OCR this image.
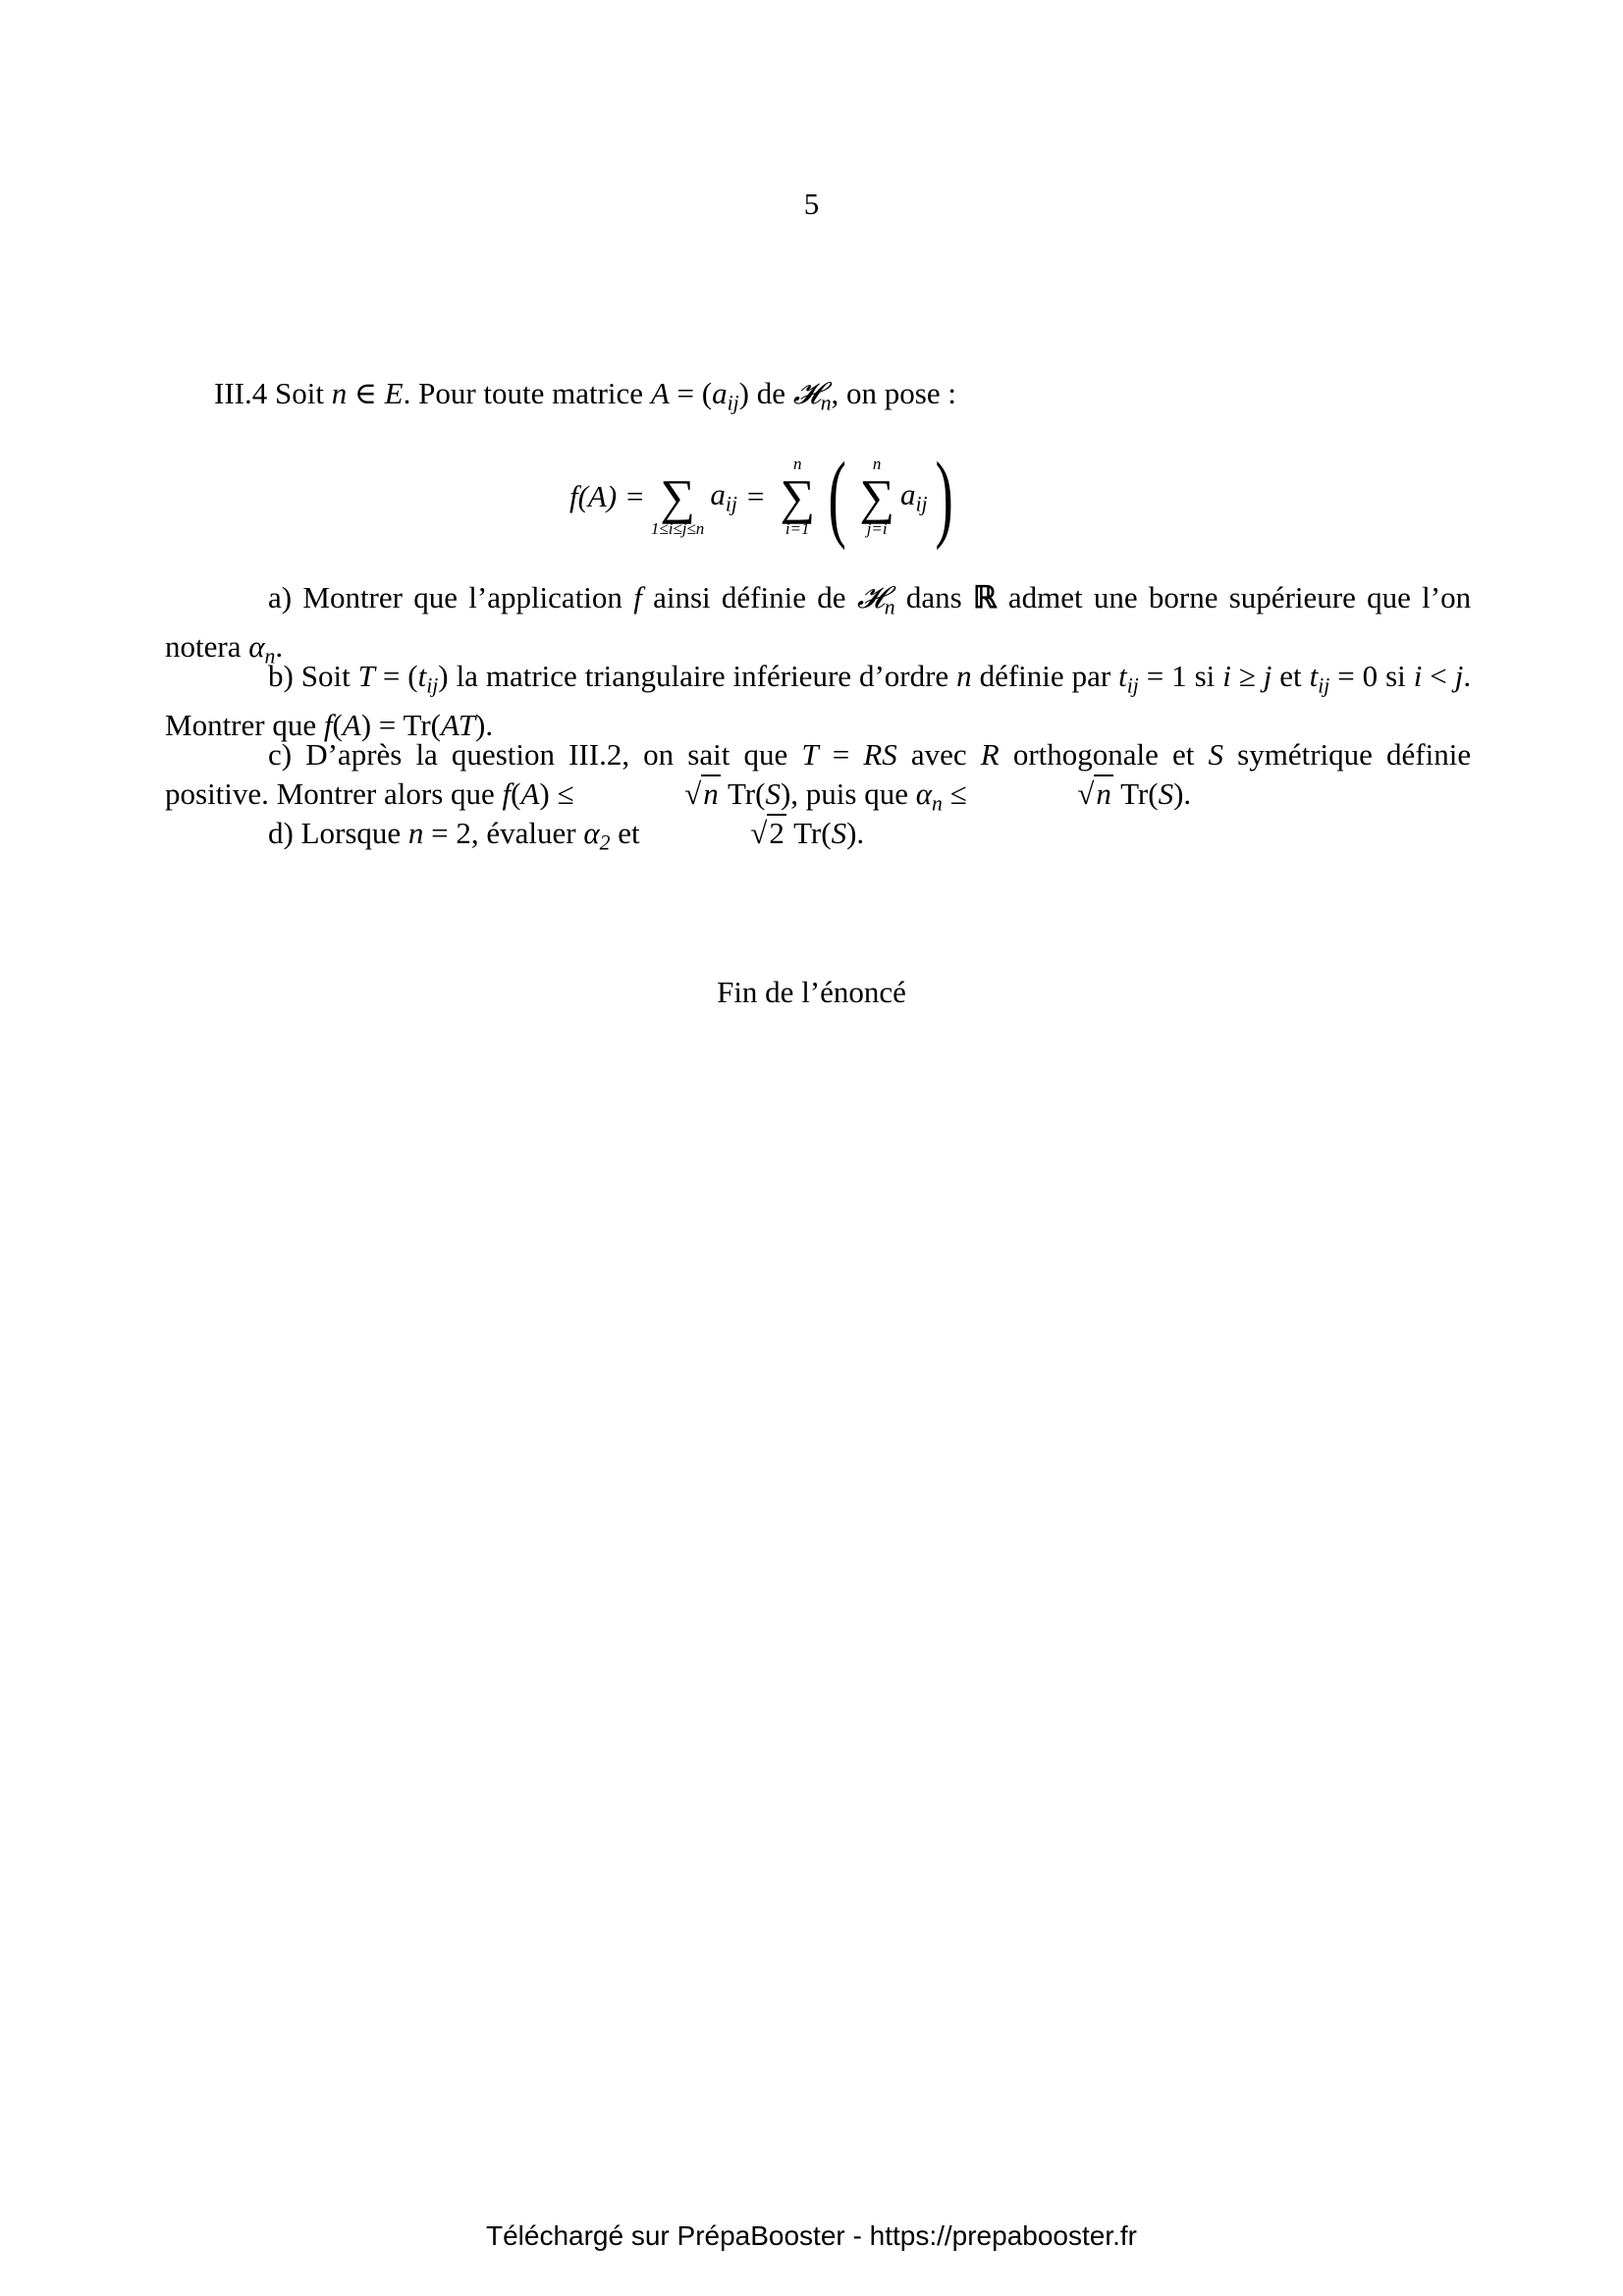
5
III.4 Soit n ∈ E. Pour toute matrice $A = (a_{ij})$ de 𝓗$_n$, on pose :
f(A) = ∑
1≤i≤j≤n
$a_{ij}$ =
n
∑
i=1 ( n
∑
j=i
$a_{ij}$ )
a) Montrer que l’application f ainsi définie de 𝓗$_n$ dans ℝ admet une borne supérieure que l’on notera $\alpha_n$.
b) Soit $T = (t_{ij})$ la matrice triangulaire inférieure d’ordre n définie par $t_{ij} = 1$ si i ≥ j et $t_{ij} = 0$ si i < j. Montrer que f(A) = Tr(AT).
c) D’après la question III.2, on sait que T = RS avec R orthogonale et S symétrique définie positive. Montrer alors que f(A) ≤	√n Tr(S), puis que $\alpha_n$ ≤	√n Tr(S).
d) Lorsque n = 2, évaluer $\alpha_2$ et	√2 Tr(S).
Fin de l’énoncé
Téléchargé sur PrépaBooster - https://prepabooster.fr
